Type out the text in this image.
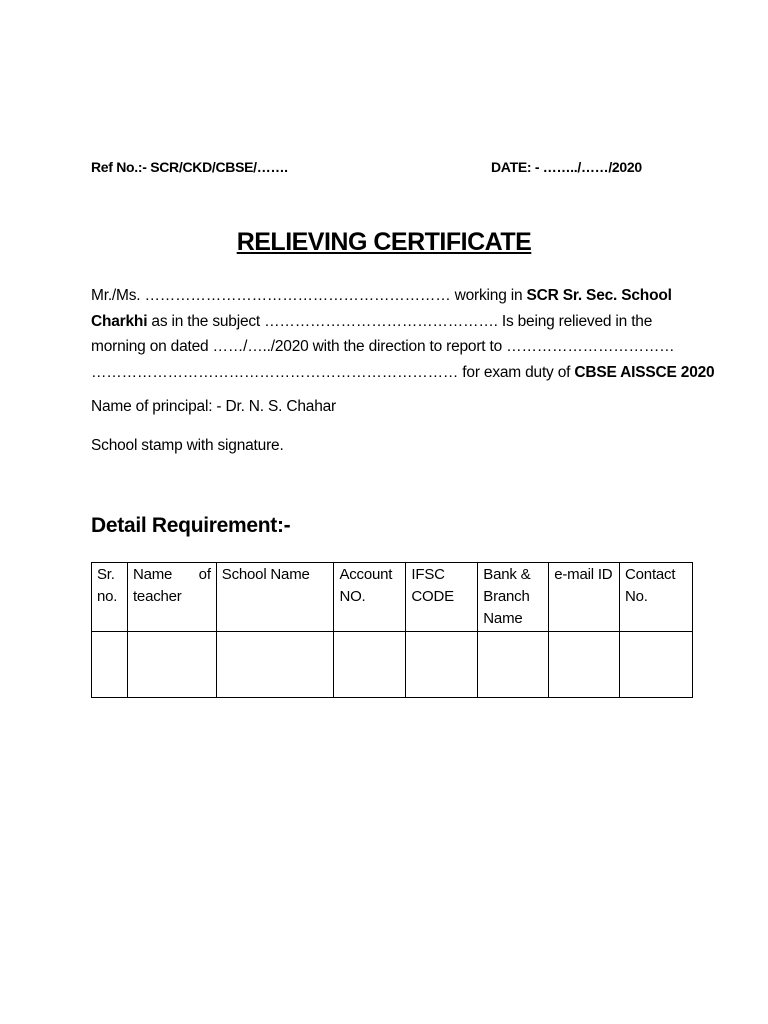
Ref No.:- SCR/CKD/CBSE/…….	DATE: - ……../……/2020
RELIEVING CERTIFICATE
Mr./Ms. …………………………………………………… working in SCR Sr. Sec. School
Charkhi as in the subject ………………………………………. Is being relieved in the
morning on dated ……/…../2020 with the direction to report to ……………………………
……………………………………………………………… for exam duty of CBSE AISSCE 2020
Name of principal: - Dr. N. S. Chahar
School stamp with signature.
Detail Requirement:-
Sr. no.	Name of teacher	School Name	Account NO.	IFSC CODE	Bank & Branch Name	e-mail ID	Contact No.
